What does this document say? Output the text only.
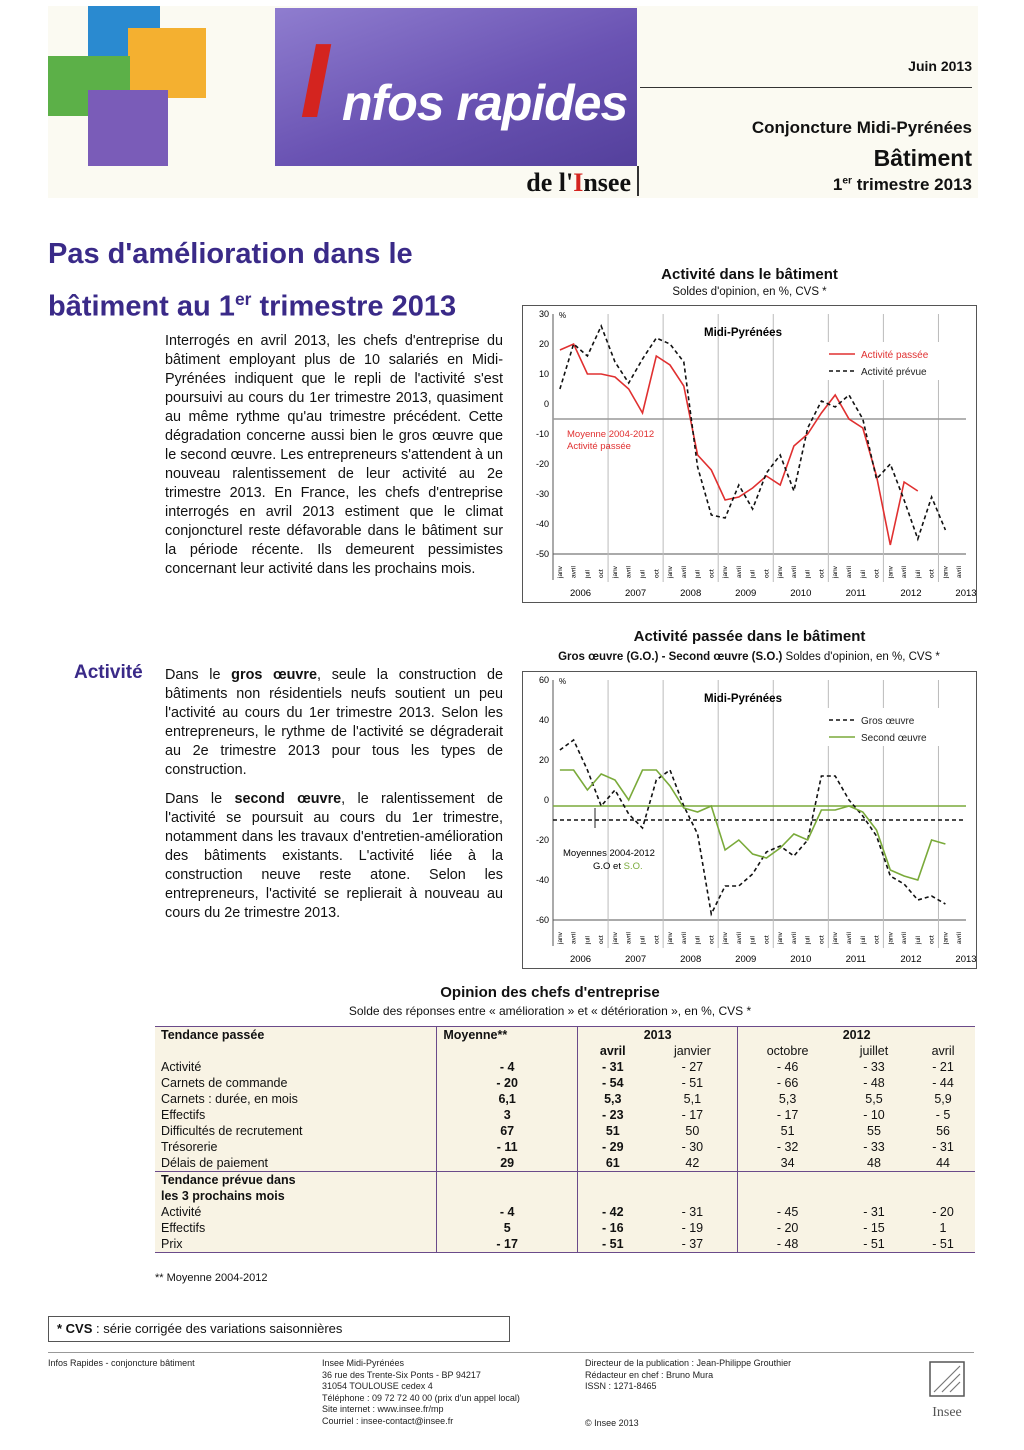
I nfos rapides
de l'Insee
Juin 2013
Conjoncture Midi-Pyrénées
Bâtiment
1er trimestre 2013
Pas d'amélioration dans le
bâtiment au 1er trimestre 2013

Interrogés en avril 2013, les chefs d'entreprise du bâtiment employant plus de 10 salariés en Midi-Pyrénées indiquent que le repli de l'activité s'est poursuivi au cours du 1er trimestre 2013, quasiment au même rythme qu'au trimestre précédent. Cette dégradation concerne aussi bien le gros œuvre que le second œuvre. Les entrepreneurs s'attendent à un nouveau ralentissement de leur activité au 2e trimestre 2013. En France, les chefs d'entreprise interrogés en avril 2013 estiment que le climat conjoncturel reste défavorable dans le bâtiment sur la période récente. Ils demeurent pessimistes concernant leur activité dans les prochains mois.

Activité Dans le gros œuvre, seule la construction de bâtiments non résidentiels neufs soutient un peu l'activité au cours du 1er trimestre 2013. Selon les entrepreneurs, le rythme de l'activité se dégraderait au 2e trimestre 2013 pour tous les types de construction.

Dans le second œuvre, le ralentissement de l'activité se poursuit au cours du 1er trimestre, notamment dans les travaux d'entretien-amélioration des bâtiments existants. L'activité liée à la construction neuve reste atone. Selon les entrepreneurs, l'activité se replierait à nouveau au cours du 2e trimestre 2013.

Activité dans le bâtiment
Soldes d'opinion, en %, CVS *
%
30
20
10
0
-10
-20
-30
-40
-50
2006	2007	2008	2009	2010	2011	2012	2013
janv avril juil oct janv avril juil oct janv avril juil oct janv avril juil oct janv avril juil oct janv avril juil oct janv avril juil oct janv avril
Midi-Pyrénées
Activité passée
Activité prévue
Moyenne 2004-2012
Activité passée
Activité passée dans le bâtiment
Gros œuvre (G.O.) - Second œuvre (S.O.) Soldes d'opinion, en %, CVS *
%
60
40
20
0
-20
-40
-60
2006	2007	2008	2009	2010	2011	2012	2013
janv avril juil oct janv avril juil oct janv avril juil oct janv avril juil oct janv avril juil oct janv avril juil oct janv avril juil oct janv avril
Midi-Pyrénées
Gros œuvre
Second œuvre
Moyennes 2004-2012
G.O et S.O.
Opinion des chefs d'entreprise
Solde des réponses entre « amélioration » et « détérioration », en %, CVS *
Tendance passée	Moyenne**	2013		2012		
		avril	janvier	octobre	juillet	avril
Activité	- 4	- 31	- 27	- 46	- 33	- 21
Carnets de commande	- 20	- 54	- 51	- 66	- 48	- 44
Carnets : durée, en mois	6,1	5,3	5,1	5,3	5,5	5,9
Effectifs	3	- 23	- 17	- 17	- 10	- 5
Difficultés de recrutement	67	51	50	51	55	56
Trésorerie	- 11	- 29	- 30	- 32	- 33	- 31
Délais de paiement	29	61	42	34	48	44
Tendance prévue dans						
les 3 prochains mois						
Activité	- 4	- 42	- 31	- 45	- 31	- 20
Effectifs	5	- 16	- 19	- 20	- 15	1
Prix	- 17	- 51	- 37	- 48	- 51	- 51
** Moyenne 2004-2012
* CVS : série corrigée des variations saisonnières
Infos Rapides - conjoncture bâtiment	Insee Midi-Pyrénées
36 rue des Trente-Six Ponts - BP 94217
31054 TOULOUSE cedex 4
Téléphone : 09 72 72 40 00 (prix d'un appel local)
Site internet : www.insee.fr/mp
Courriel : insee-contact@insee.fr
Directeur de la publication : Jean-Philippe Grouthier
Rédacteur en chef : Bruno Mura
ISSN : 1271-8465
© Insee 2013
Insee
